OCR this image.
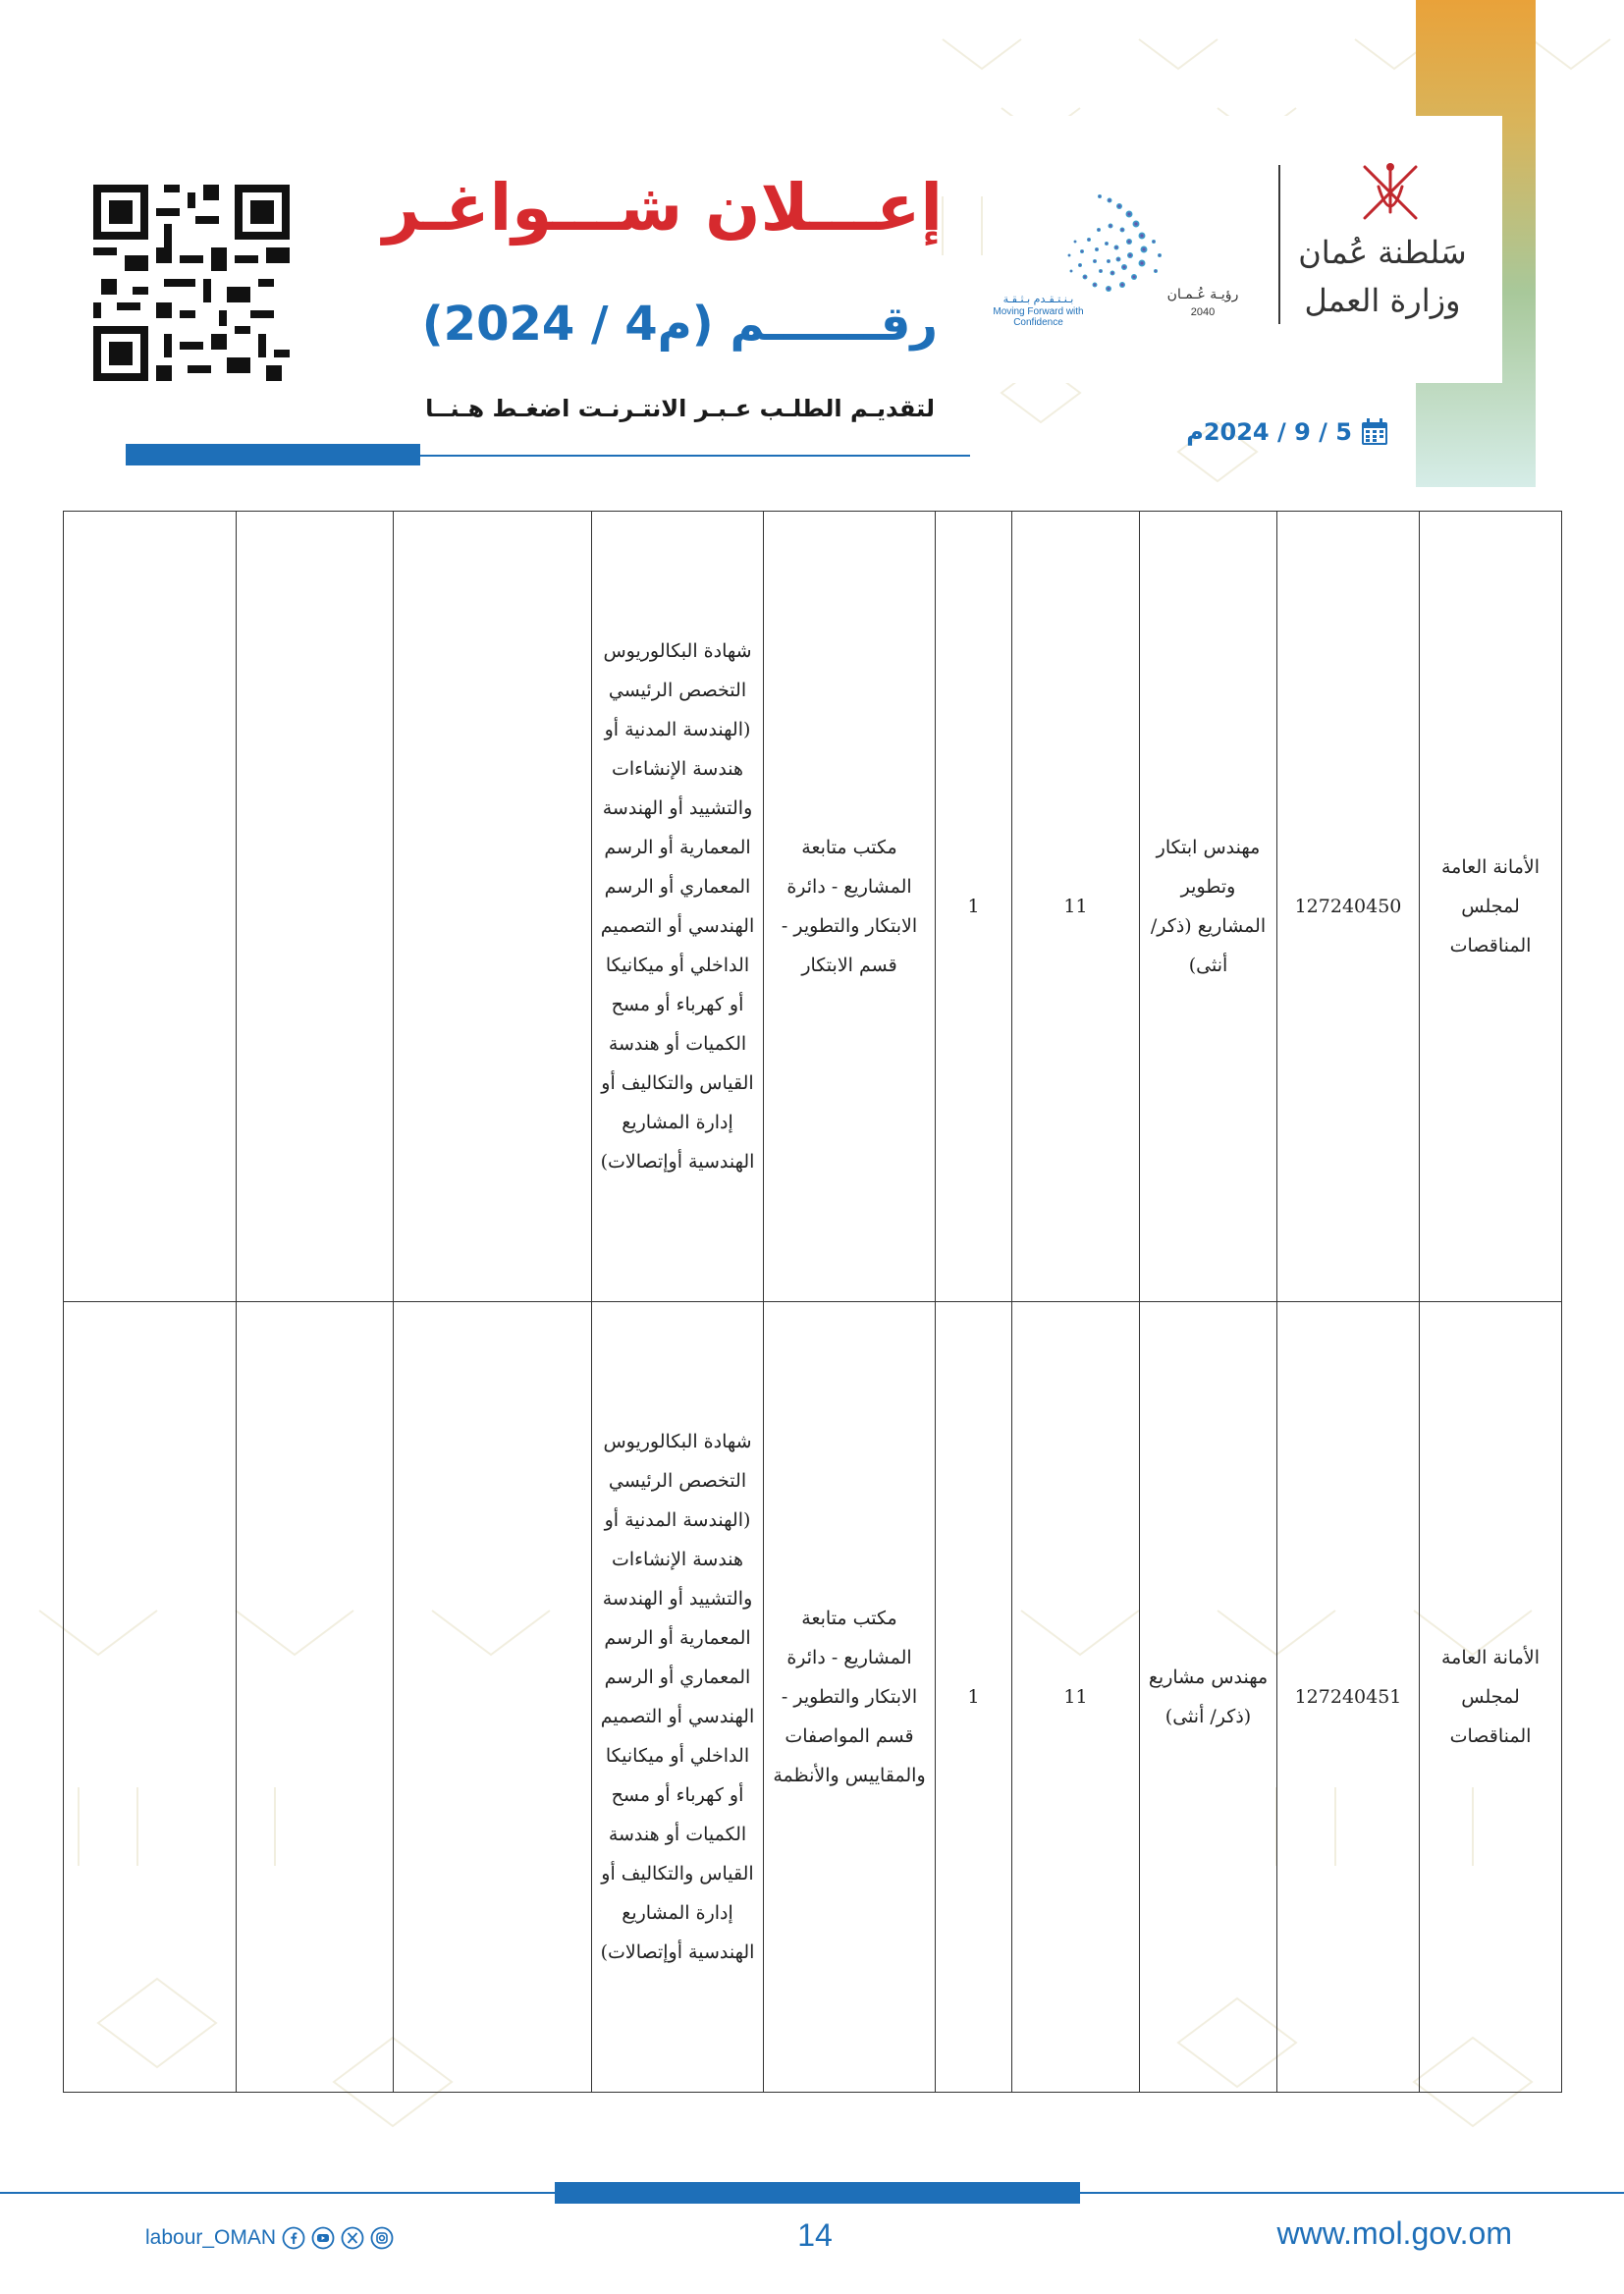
إعـــلان شـــواغـر
رقـــــــم (م4 / 2024)
لتقديـم الطلـب عـبـر الانتـرنـت اضغـط هـنــا
بـنـتـقـدم بـثـقـة
Moving Forward with Confidence
رؤيـة عُـمـان
2040
سَلطنة عُمان
وزارة العمل
5 / 9 / 2024م
الأمانة العامة لمجلس المناقصات	127240450	مهندس ابتكار وتطوير المشاريع (ذكر/أنثى)	11	1	مكتب متابعة المشاريع - دائرة الابتكار والتطوير - قسم الابتكار	شهادة البكالوريوس التخصص الرئيسي (الهندسة المدنية أو هندسة الإنشاءات والتشييد أو الهندسة المعمارية أو الرسم المعماري أو الرسم الهندسي أو التصميم الداخلي أو ميكانيكا أو كهرباء أو مسح الكميات أو هندسة القياس والتكاليف أو إدارة المشاريع الهندسية أوإتصالات)			

الأمانة العامة لمجلس المناقصات	127240451	مهندس مشاريع (ذكر/ أنثى)	11	1	مكتب متابعة المشاريع - دائرة الابتكار والتطوير - قسم المواصفات والمقاييس والأنظمة	شهادة البكالوريوس التخصص الرئيسي (الهندسة المدنية أو هندسة الإنشاءات والتشييد أو الهندسة المعمارية أو الرسم المعماري أو الرسم الهندسي أو التصميم الداخلي أو ميكانيكا أو كهرباء أو مسح الكميات أو هندسة القياس والتكاليف أو إدارة المشاريع الهندسية أوإتصالات)			

labour_OMAN	14	www.mol.gov.om
